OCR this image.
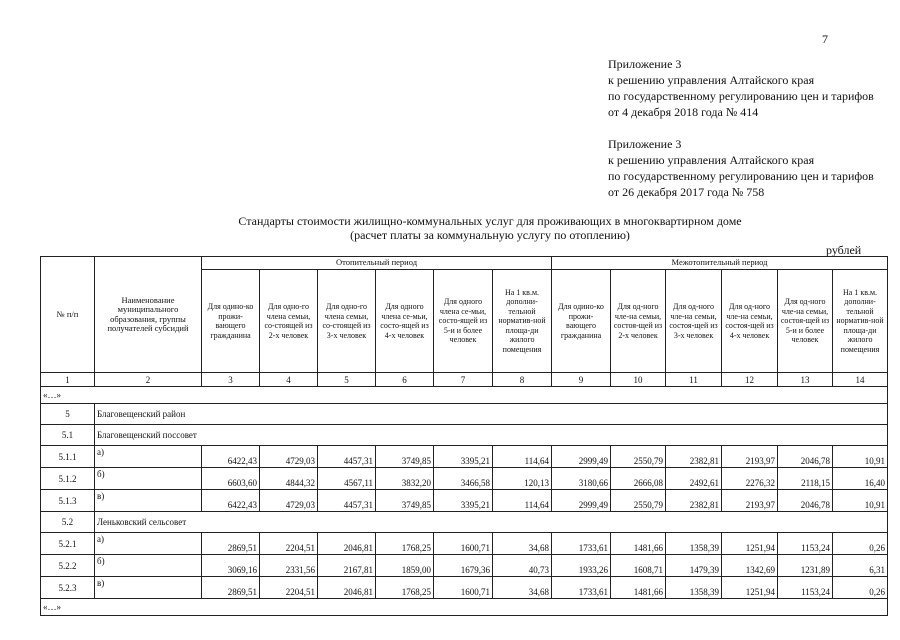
7
Приложение 3
к решению управления Алтайского края
по государственному регулированию цен и тарифов
от 4 декабря 2018 года № 414
Приложение 3
к решению управления Алтайского края
по государственному регулированию цен и тарифов
от 26 декабря 2017 года № 758
Стандарты стоимости жилищно-коммунальных услуг для проживающих в многоквартирном доме
(расчет платы за коммунальную услугу по отоплению)
рублей
№ п/п	Наименование муниципального образования, группы получателей субсидий	Отопительный период						Межотопительный период					
		Для одино-ко прожи-вающего гражданина	Для одно-го члена семьи, со-стоящей из 2-х человек	Для одно-го члена семьи, со-стоящей из 3-х человек	Для одного члена се-мьи, состо-ящей из 4-х человек	Для одного члена се-мьи, состо-ящей из 5-и и более человек	На 1 кв.м. дополни-тельной норматив-ной площа-ди жилого помещения	Для одино-ко прожи-вающего гражданина	Для од-ного чле-на семьи, состоя-щей из 2-х человек	Для од-ного чле-на семьи, состоя-щей из 3-х человек	Для од-ного чле-на семьи, состоя-щей из 4-х человек	Для од-ного чле-на семьи, состоя-щей из 5-и и более человек	На 1 кв.м. дополни-тельной норматив-ной площа-ди жилого помещения
1	2	3	4	5	6	7	8	9	10	11	12	13	14
«…»													
5	Благовещенский район												
5.1	Благовещенский поссовет												
5.1.1	а)	6422,43	4729,03	4457,31	3749,85	3395,21	114,64	2999,49	2550,79	2382,81	2193,97	2046,78	10,91
5.1.2	б)	6603,60	4844,32	4567,11	3832,20	3466,58	120,13	3180,66	2666,08	2492,61	2276,32	2118,15	16,40
5.1.3	в)	6422,43	4729,03	4457,31	3749,85	3395,21	114,64	2999,49	2550,79	2382,81	2193,97	2046,78	10,91
5.2	Леньковский сельсовет												
5.2.1	а)	2869,51	2204,51	2046,81	1768,25	1600,71	34,68	1733,61	1481,66	1358,39	1251,94	1153,24	0,26
5.2.2	б)	3069,16	2331,56	2167,81	1859,00	1679,36	40,73	1933,26	1608,71	1479,39	1342,69	1231,89	6,31
5.2.3	в)	2869,51	2204,51	2046,81	1768,25	1600,71	34,68	1733,61	1481,66	1358,39	1251,94	1153,24	0,26
«…»													
